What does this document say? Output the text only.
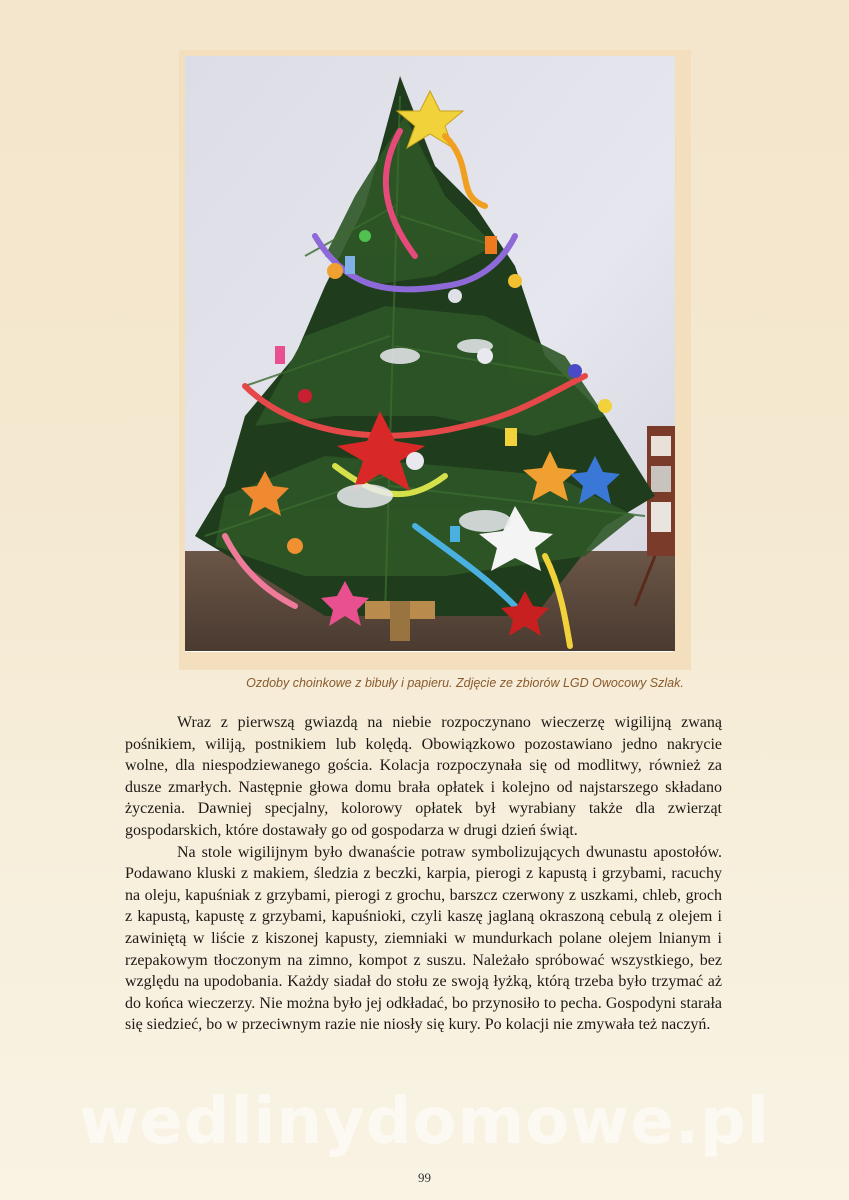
Ozdoby choinkowe z bibuły i papieru. Zdjęcie ze zbiorów LGD Owocowy Szlak.

Wraz z pierwszą gwiazdą na niebie rozpoczynano wieczerzę wigilijną zwaną pośnikiem, wiliją, postnikiem lub kolędą. Obowiązkowo pozostawiano jedno nakrycie wolne, dla niespodziewanego gościa. Kolacja rozpoczynała się od modlitwy, również za dusze zmarłych. Następnie głowa domu brała opłatek i kolejno od najstarszego składano życzenia. Dawniej specjalny, kolorowy opłatek był wyrabiany także dla zwierząt gospodarskich, które dostawały go od gospodarza w drugi dzień świąt.

Na stole wigilijnym było dwanaście potraw symbolizujących dwunastu apostołów. Podawano kluski z makiem, śledzia z beczki, karpia, pierogi z kapustą i grzybami, racuchy na oleju, kapuśniak z grzybami, pierogi z grochu, barszcz czerwony z uszkami, chleb, groch z kapustą, kapustę z grzybami, kapuśnioki, czyli kaszę jaglaną okraszoną cebulą z olejem i zawiniętą w liście z kiszonej kapusty, ziemniaki w mundurkach polane olejem lnianym i rzepakowym tłoczonym na zimno, kompot z suszu. Należało spróbować wszystkiego, bez względu na upodobania. Każdy siadał do stołu ze swoją łyżką, którą trzeba było trzymać aż do końca wieczerzy. Nie można było jej odkładać, bo przynosiło to pecha. Gospodyni starała się siedzieć, bo w przeciwnym razie nie niosły się kury. Po kolacji nie zmywała też naczyń.

wedlinydomowe.pl
99
